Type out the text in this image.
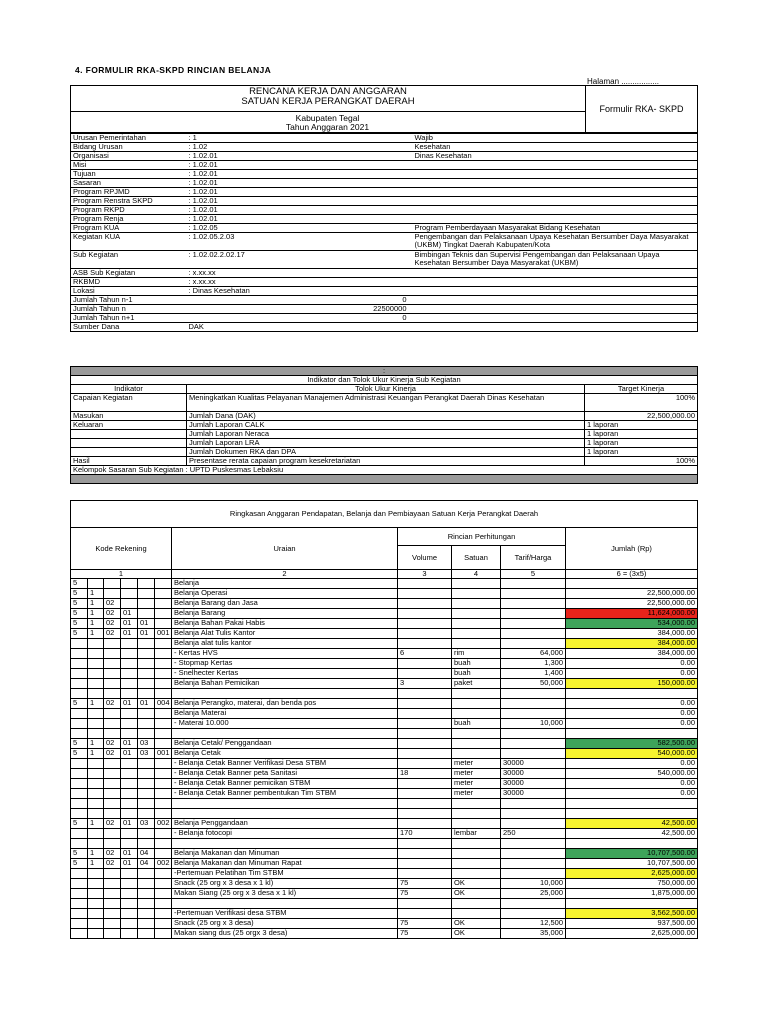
4. FORMULIR RKA-SKPD RINCIAN BELANJA
Halaman .................
RENCANA KERJA DAN ANGGARAN
SATUAN KERJA PERANGKAT DAERAH
Formulir RKA- SKPD
Kabupaten Tegal
Tahun Anggaran 2021
Urusan Pemerintahan	: 1	Wajib
Bidang Urusan	: 1.02	Kesehatan
Organisasi	: 1.02.01	Dinas Kesehatan
Misi	: 1.02.01	
Tujuan	: 1.02.01	
Sasaran	: 1.02.01	
Program RPJMD	: 1.02.01	
Program Renstra SKPD	: 1.02.01	
Program RKPD	: 1.02.01	
Program Renja	: 1.02.01	
Program KUA	: 1.02.05	Program Pemberdayaan Masyarakat Bidang Kesehatan
Kegiatan KUA	: 1.02.05.2.03	Pengembangan dan Pelaksanaan Upaya Kesehatan Bersumber Daya Masyarakat (UKBM) Tingkat Daerah Kabupaten/Kota
Sub Kegiatan	: 1.02.02.2.02.17	Bimbingan Teknis dan Supervisi Pengembangan dan Pelaksanaan Upaya Kesehatan Bersumber Daya Masyarakat (UKBM)
ASB Sub Kegiatan	: x.xx.xx	
RKBMD	: x.xx.xx	
Lokasi	: Dinas Kesehatan	
Jumlah Tahun n-1	0	
Jumlah Tahun n	22500000	
Jumlah Tahun n+1	0	
Sumber Dana	DAK	
:		
Indikator dan Tolok Ukur Kinerja Sub Kegiatan		
Indikator	Tolok Ukur Kinerja	Target Kinerja
Capaian Kegiatan	Meningkatkan Kualitas Pelayanan Manajemen Administrasi Keuangan Perangkat Daerah Dinas Kesehatan	100%
Masukan	Jumlah Dana (DAK)	22,500,000.00
Keluaran	Jumlah Laporan CALK	1 laporan
	Jumlah Laporan Neraca	1 laporan
	Jumlah Laporan LRA	1 laporan
	Jumlah Dokumen RKA dan DPA	1 laporan
Hasil	Presentase rerata capaian program kesekretariatan	100%
Kelompok Sasaran Sub Kegiatan : UPTD Puskesmas Lebaksiu		

Ringkasan Anggaran Pendapatan, Belanja dan Pembiayaan Satuan Kerja Perangkat Daerah										
Kode Rekening						Uraian	Rincian Perhitungan			Jumlah (Rp)
							Volume	Satuan	Tarif/Harga	
1						2	3	4	5	6 = (3x5)
5						Belanja				
5	1					Belanja Operasi				22,500,000.00
5	1	02				Belanja Barang dan Jasa				22,500,000.00
5	1	02	01			Belanja Barang				11,624,000.00
5	1	02	01	01		Belanja Bahan Pakai Habis				534,000.00
5	1	02	01	01	001	Belanja Alat Tulis Kantor				384,000.00
						Belanja alat tulis kantor				384,000.00
						- Kertas HVS	6	rim	64,000	384,000.00
						- Stopmap Kertas		buah	1,300	0.00
						- Snelhecter Kertas		buah	1,400	0.00
						Belanja Bahan Pemicikan	3	paket	50,000	150,000.00

5	1	02	01	01	004	Belanja Perangko, materai, dan benda pos				0.00
						Belanja Materai				0.00
						- Materai 10.000		buah	10,000	0.00

5	1	02	01	03		Belanja Cetak/ Penggandaan				582,500.00
5	1	02	01	03	001	Belanja Cetak				540,000.00
						- Belanja Cetak Banner Verifikasi Desa STBM		meter	30000	0.00
						- Belanja Cetak Banner peta Sanitasi	18	meter	30000	540,000.00
						- Belanja Cetak Banner pemicikan STBM		meter	30000	0.00
						- Belanja Cetak Banner pembentukan Tim STBM		meter	30000	0.00

5	1	02	01	03	002	Belanja Penggandaan				42,500.00
						- Belanja fotocopi	170	lembar	250	42,500.00

5	1	02	01	04		Belanja Makanan dan Minuman				10,707,500.00
5	1	02	01	04	002	Belanja Makanan dan Minuman Rapat				10,707,500.00
						-Pertemuan Pelatihan Tim STBM				2,625,000.00
						Snack (25 org x 3 desa x 1 kl)	75	OK	10,000	750,000.00
						Makan Siang (25 org x 3 desa x 1 kl)	75	OK	25,000	1,875,000.00

						-Pertemuan Verifikasi desa STBM				3,562,500.00
						Snack (25 org x 3 desa)	75	OK	12,500	937,500.00
						Makan siang dus (25 orgx 3 desa)	75	OK	35,000	2,625,000.00
